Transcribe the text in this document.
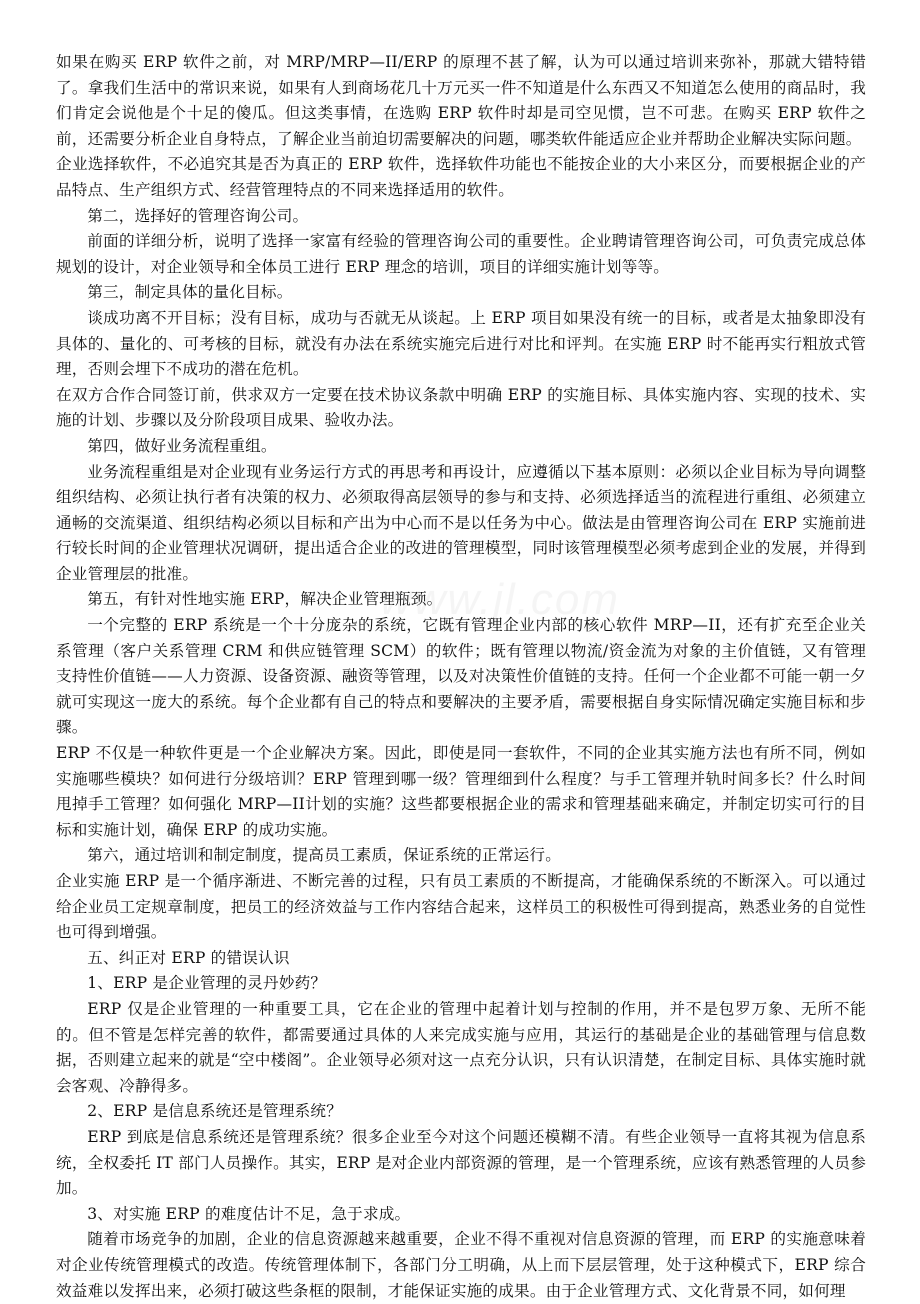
www.jl.com

如果在购买 ERP 软件之前，对 MRP/MRP—II/ERP 的原理不甚了解，认为可以通过培训来弥补，那就大错特错了。拿我们生活中的常识来说，如果有人到商场花几十万元买一件不知道是什么东西又不知道怎么使用的商品时，我们肯定会说他是个十足的傻瓜。但这类事情，在选购 ERP 软件时却是司空见惯，岂不可悲。在购买 ERP 软件之前，还需要分析企业自身特点，了解企业当前迫切需要解决的问题，哪类软件能适应企业并帮助企业解决实际问题。

企业选择软件，不必追究其是否为真正的 ERP 软件，选择软件功能也不能按企业的大小来区分，而要根据企业的产品特点、生产组织方式、经营管理特点的不同来选择适用的软件。

第二，选择好的管理咨询公司。

前面的详细分析，说明了选择一家富有经验的管理咨询公司的重要性。企业聘请管理咨询公司，可负责完成总体规划的设计，对企业领导和全体员工进行 ERP 理念的培训，项目的详细实施计划等等。

第三，制定具体的量化目标。

谈成功离不开目标；没有目标，成功与否就无从谈起。上 ERP 项目如果没有统一的目标，或者是太抽象即没有具体的、量化的、可考核的目标，就没有办法在系统实施完后进行对比和评判。在实施 ERP 时不能再实行粗放式管理，否则会埋下不成功的潜在危机。

在双方合作合同签订前，供求双方一定要在技术协议条款中明确 ERP 的实施目标、具体实施内容、实现的技术、实施的计划、步骤以及分阶段项目成果、验收办法。

第四，做好业务流程重组。

业务流程重组是对企业现有业务运行方式的再思考和再设计，应遵循以下基本原则：必须以企业目标为导向调整组织结构、必须让执行者有决策的权力、必须取得高层领导的参与和支持、必须选择适当的流程进行重组、必须建立通畅的交流渠道、组织结构必须以目标和产出为中心而不是以任务为中心。做法是由管理咨询公司在 ERP 实施前进行较长时间的企业管理状况调研，提出适合企业的改进的管理模型，同时该管理模型必须考虑到企业的发展，并得到企业管理层的批准。

第五，有针对性地实施 ERP，解决企业管理瓶颈。

一个完整的 ERP 系统是一个十分庞杂的系统，它既有管理企业内部的核心软件 MRP—II，还有扩充至企业关系管理（客户关系管理 CRM 和供应链管理 SCM）的软件；既有管理以物流/资金流为对象的主价值链，又有管理支持性价值链——人力资源、设备资源、融资等管理，以及对决策性价值链的支持。任何一个企业都不可能一朝一夕就可实现这一庞大的系统。每个企业都有自己的特点和要解决的主要矛盾，需要根据自身实际情况确定实施目标和步骤。

ERP 不仅是一种软件更是一个企业解决方案。因此，即使是同一套软件，不同的企业其实施方法也有所不同，例如实施哪些模块？如何进行分级培训？ERP 管理到哪一级？管理细到什么程度？与手工管理并轨时间多长？什么时间甩掉手工管理？如何强化 MRP—II计划的实施？这些都要根据企业的需求和管理基础来确定，并制定切实可行的目标和实施计划，确保 ERP 的成功实施。

第六，通过培训和制定制度，提高员工素质，保证系统的正常运行。

企业实施 ERP 是一个循序渐进、不断完善的过程，只有员工素质的不断提高，才能确保系统的不断深入。可以通过给企业员工定规章制度，把员工的经济效益与工作内容结合起来，这样员工的积极性可得到提高，熟悉业务的自觉性也可得到增强。

五、纠正对 ERP 的错误认识

1、ERP 是企业管理的灵丹妙药？

ERP 仅是企业管理的一种重要工具，它在企业的管理中起着计划与控制的作用，并不是包罗万象、无所不能的。但不管是怎样完善的软件，都需要通过具体的人来完成实施与应用，其运行的基础是企业的基础管理与信息数据，否则建立起来的就是“空中楼阁”。企业领导必须对这一点充分认识，只有认识清楚，在制定目标、具体实施时就会客观、冷静得多。

2、ERP 是信息系统还是管理系统？

ERP 到底是信息系统还是管理系统？很多企业至今对这个问题还模糊不清。有些企业领导一直将其视为信息系统，全权委托 IT 部门人员操作。其实，ERP 是对企业内部资源的管理，是一个管理系统，应该有熟悉管理的人员参加。

3、对实施 ERP 的难度估计不足，急于求成。

随着市场竞争的加剧，企业的信息资源越来越重要，企业不得不重视对信息资源的管理，而 ERP 的实施意味着对企业传统管理模式的改造。传统管理体制下，各部门分工明确，从上而下层层管理，处于这种模式下，ERP 综合效益难以发挥出来，必须打破这些条框的限制，才能保证实施的成果。由于企业管理方式、文化背景不同，如何理
